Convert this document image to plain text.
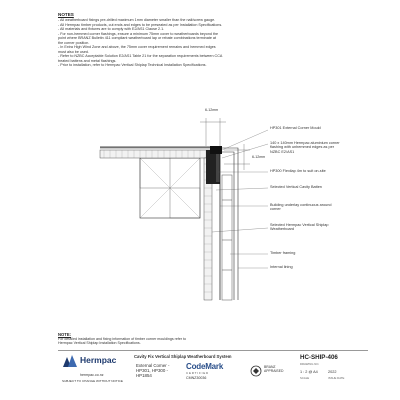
NOTES
- All weatherboard fixings pre-drilled maximum 1mm diameter smaller than the nail/screw gauge.
- All Hermpac timber products, cut ends and edges to be preseated as per Installation Specifications.
- All materials and fixtures are to comply with E2/AS1 Clause 2.1.
- For non-hemmed corner flashings, ensure a minimum 75mm cover to weatherboards beyond the
point where BRANZ Bulletin 411 compliant weatherboard lap or rebate combinations terminate at
the corner position.
- In Extra High Wind Zone and above, the 75mm cover requirement remains and hemmed edges
must also be used.
- Refer to NZBC Acceptable Solution E2/AS1 Table 21 for the separation requirements between CCA
treated battens and metal flashings.
- Prior to installation, refer to Hermpac Vertical Shiplap Technical Installation Specifications.
6-12mm
6-12mm
HP301 External Corner Mould
140 x 140mm Hermpac aluminium corner flashing with unhemmed edges as per NZBC E2/AS1
HP300 Flexilap 4m to suit on-site
Selected Vertical Cavity Batten
Building underlay continuous around corner
Selected Hermpac Vertical Shiplap Weatherboard
Timber framing
Internal lining
NOTE:
For detailed installation and fixing information of timber corner mouldings refer to
Hermpac Vertical Shiplap Installation Specifications.
Hermpac
hermpac.co.nz
SUBJECT TO CHANGE WITHOUT NOTICE
Cavity Fix Vertical Shiplap Weatherboard System
External Corner -
HP301, HP300 -
HP1854
CodeMark
CERTIFIED
CMNZ30036
BRANZ
APPRAISED
HC-SHIP-406
DRAWING NO.
1 : 2 @ A4
SCALE
2022
ISSUE DATE
